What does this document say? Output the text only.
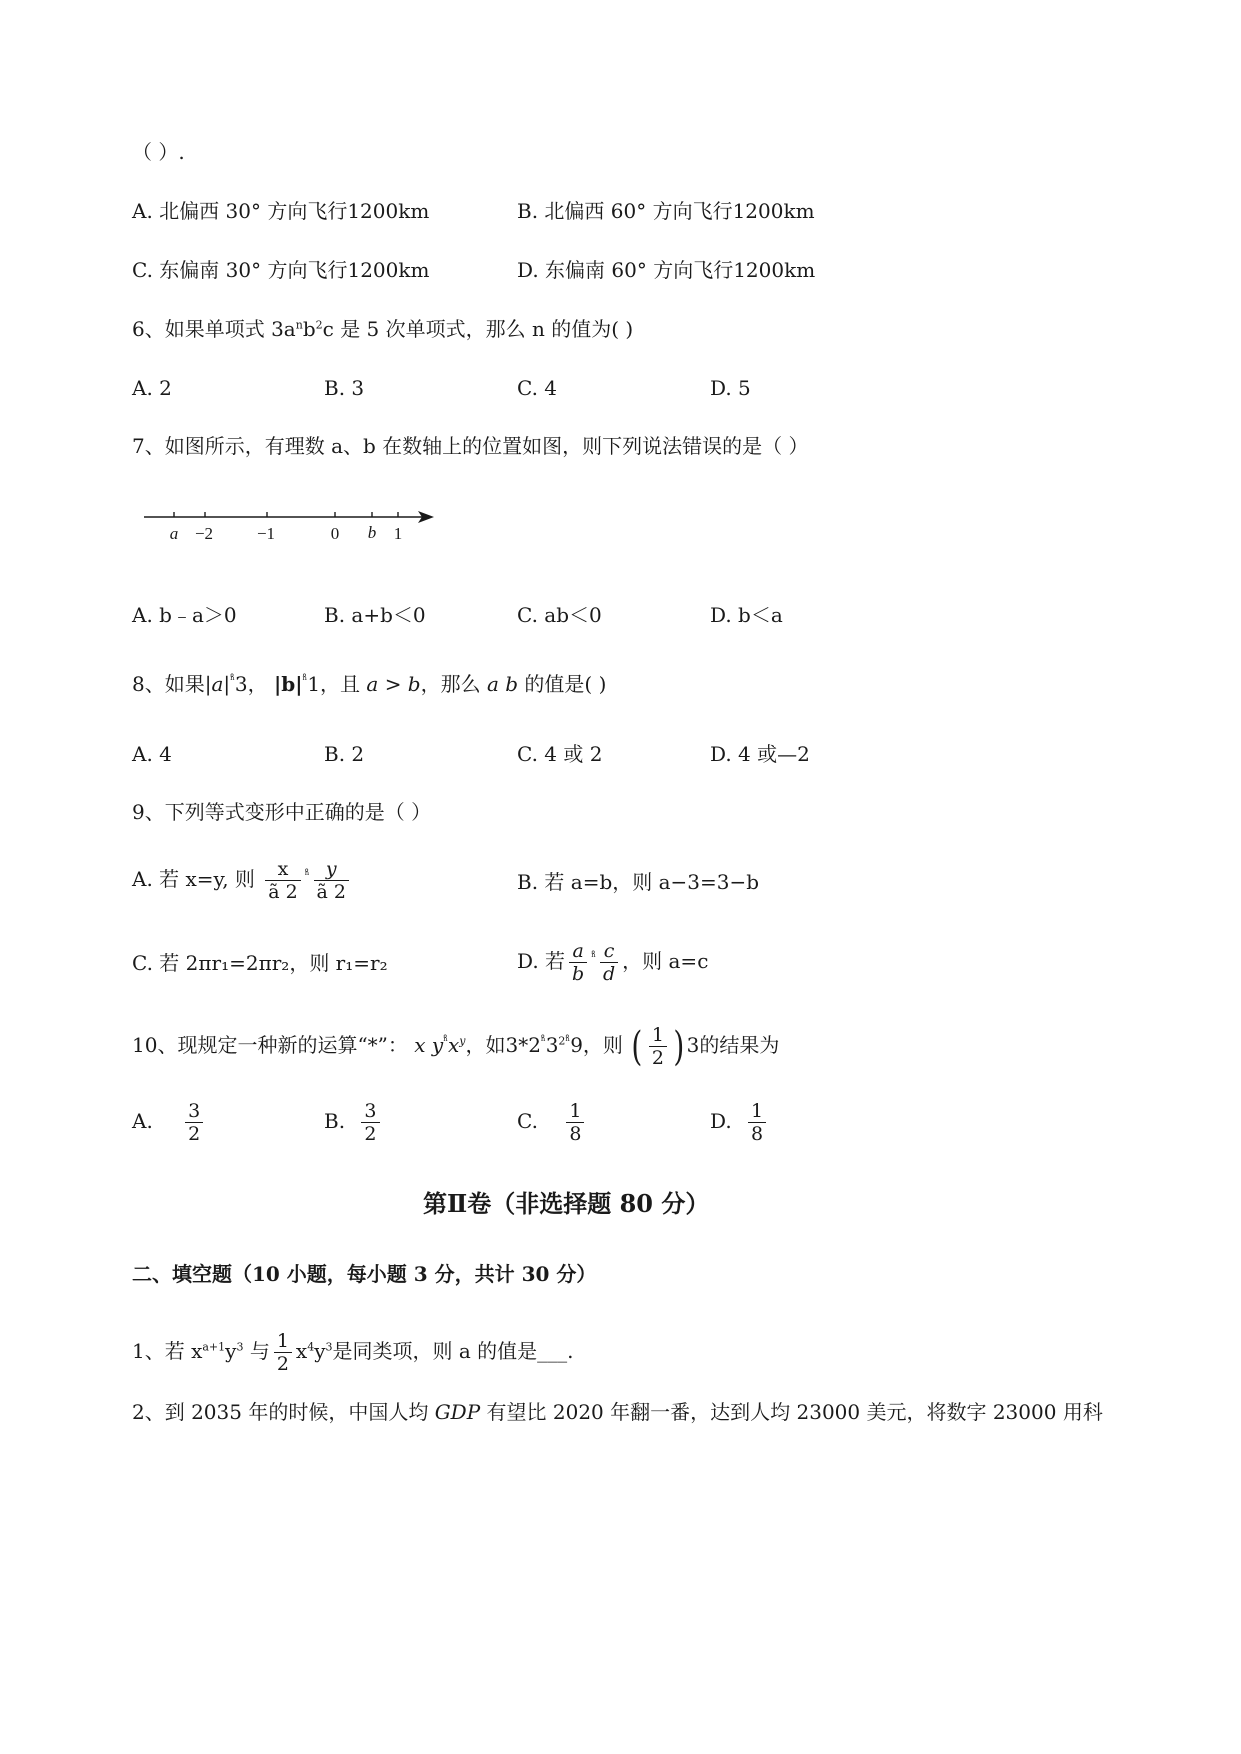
（ ）.
A. 北偏西 30° 方向飞行1200km	B. 北偏西 60° 方向飞行1200km
C. 东偏南 30° 方向飞行1200km	D. 东偏南 60° 方向飞行1200km
6、如果单项式 $3a^nb^2c$ 是 5 次单项式，那么 n 的值为( )
A. 2	B. 3	C. 4	D. 5
7、如图所示，有理数 a、b 在数轴上的位置如图，则下列说法错误的是（ ）
a −2	−1	0 b 1
A. b﹣a＞0	B. a+b＜0	C. ab＜0	D. b＜a
8、如果$|a|^{^n̊}3$， $|b|^{^n̊}1$，且 a > b，那么 a b 的值是( )
A. 4	B. 2	C. 4 或 2	D. 4 或—2
9、下列等式变形中正确的是（ ）
A. 若 x=y, 则 $\frac{x}{ã 2} ^{^n̊} \frac{y}{ã 2}$	B. 若 a=b，则 a−3=3−b
C. 若 2πr₁=2πr₂，则 r₁=r₂	D. 若 $\frac{a}{b} ^{^n̊} \frac{c}{d}$ ，则 a=c
10、现规定一种新的运算“*”： x $y^{^n̊}x^y$，如$3*2^{^n̊}3^{2^n̊}9$，则 ( $\frac{1}{2}$ ) 3的结果为
A. $\frac{3}{2}$	B. $\frac{3}{2}$	C. $\frac{1}{8}$	D. $\frac{1}{8}$
第Ⅱ卷（非选择题 80 分）
二、填空题（10 小题，每小题 3 分，共计 30 分）
1、若 $x^{a+1}y^3$ 与 $\frac{1}{2} x^4y^3$是同类项，则 a 的值是___.
2、到 2035 年的时候，中国人均 GDP 有望比 2020 年翻一番，达到人均 23000 美元，将数字 23000 用科
